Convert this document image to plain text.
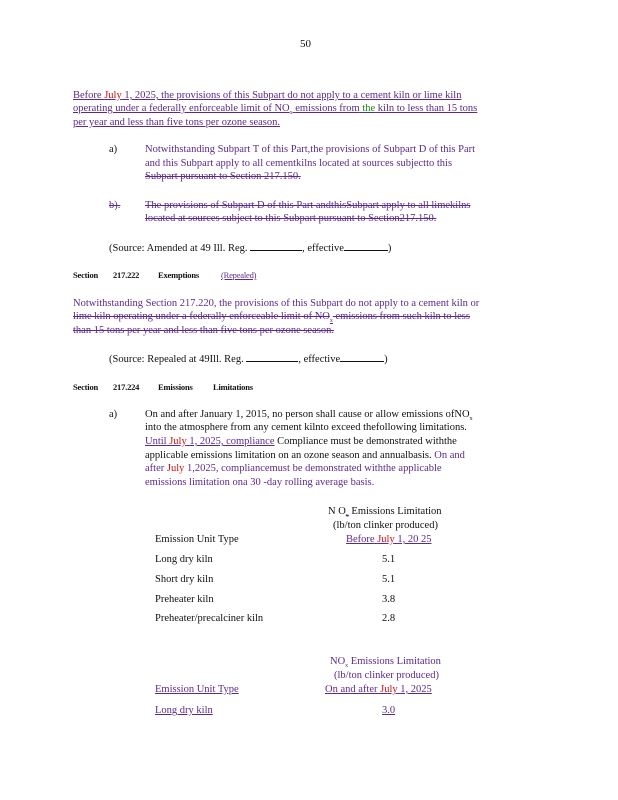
50
Before July 1, 2025, the provisions of this Subpart do not apply to a cement kiln or lime kiln
operating under a federally enforceable limit of $NO_x$ emissions from the kiln to less than 15 tons
per year and less than five tons per ozone season.
a)	Notwithstanding Subpart T of this Part,the provisions of Subpart D of this Part
and this Subpart apply to all cementkilns located at sources subjectto this
Subpart pursuant to Section 217.150.
b). The provisions of Subpart D of this Part andthisSubpart apply to all limekilns
located at sources subject to this Subpart pursuant to Section217.150.
(Source: Amended at 49 Ill. Reg.	, effective	)
Section 217.222 Exemptions	(Repealed)
Notwithstanding Section 217.220, the provisions of this Subpart do not apply to a cement kiln or
lime kiln operating under a federally enforceable limit of $NO_x$ emissions from such kiln to less
than 15 tons per year and less than five tons per ozone season.
(Source: Repealed at 49Ill. Reg.	, effective	)
Section 217.224 Emissions Limitations
a)	On and after January 1, 2015, no person shall cause or allow emissions ofNO$_x$
into the atmosphere from any cement kilnto exceed thefollowing limitations.
Until July 1, 2025, compliance Compliance must be demonstrated withthe
applicable emissions limitation on an ozone season and annualbasis. On and
after July 1,2025, compliancemust be demonstrated withthe applicable
emissions limitation ona 30 -day rolling average basis.
N $O_x$ Emissions Limitation
(lb/ton clinker produced)
Emission Unit Type	Before July 1, 20 25
Long dry kiln	5.1
Short dry kiln	5.1
Preheater kiln	3.8
Preheater/precalciner kiln	2.8
$NO_x$ Emissions Limitation
(lb/ton clinker produced)
Emission Unit Type	On and after July 1, 2025
Long dry kiln	3.0
